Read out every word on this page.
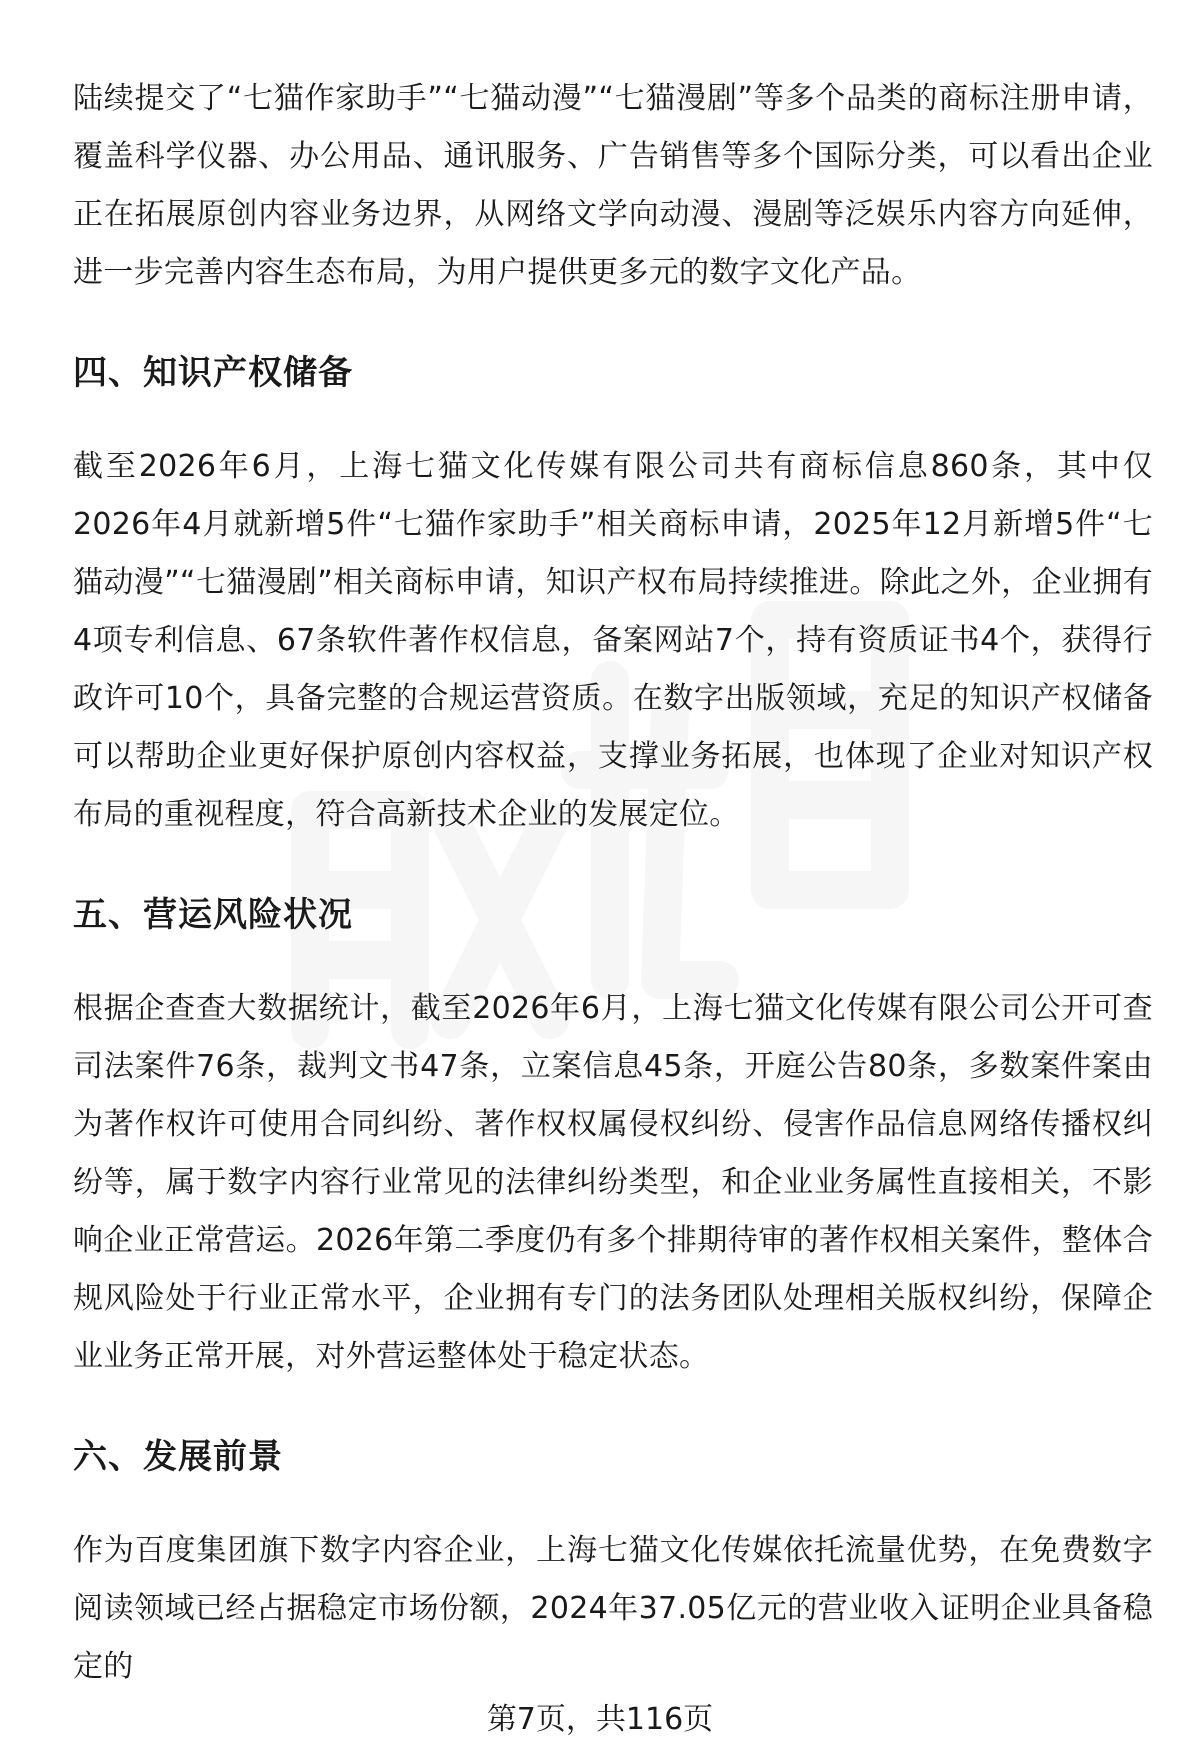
陆续提交了“七猫作家助手”“七猫动漫”“七猫漫剧”等多个品类的商标注册申请，覆盖科学仪器、办公用品、通讯服务、广告销售等多个国际分类，可以看出企业正在拓展原创内容业务边界，从网络文学向动漫、漫剧等泛娱乐内容方向延伸，进一步完善内容生态布局，为用户提供更多元的数字文化产品。

四、知识产权储备

截至2026年6月，上海七猫文化传媒有限公司共有商标信息860条，其中仅2026年4月就新增5件“七猫作家助手”相关商标申请，2025年12月新增5件“七猫动漫”“七猫漫剧”相关商标申请，知识产权布局持续推进。除此之外，企业拥有4项专利信息、67条软件著作权信息，备案网站7个，持有资质证书4个，获得行政许可10个，具备完整的合规运营资质。在数字出版领域，充足的知识产权储备可以帮助企业更好保护原创内容权益，支撑业务拓展，也体现了企业对知识产权布局的重视程度，符合高新技术企业的发展定位。

五、营运风险状况

根据企查查大数据统计，截至2026年6月，上海七猫文化传媒有限公司公开可查司法案件76条，裁判文书47条，立案信息45条，开庭公告80条，多数案件案由为著作权许可使用合同纠纷、著作权权属侵权纠纷、侵害作品信息网络传播权纠纷等，属于数字内容行业常见的法律纠纷类型，和企业业务属性直接相关，不影响企业正常营运。2026年第二季度仍有多个排期待审的著作权相关案件，整体合规风险处于行业正常水平，企业拥有专门的法务团队处理相关版权纠纷，保障企业业务正常开展，对外营运整体处于稳定状态。

六、发展前景

作为百度集团旗下数字内容企业，上海七猫文化传媒依托流量优势，在免费数字阅读领域已经占据稳定市场份额，2024年37.05亿元的营业收入证明企业具备稳定的

第7页，共116页
